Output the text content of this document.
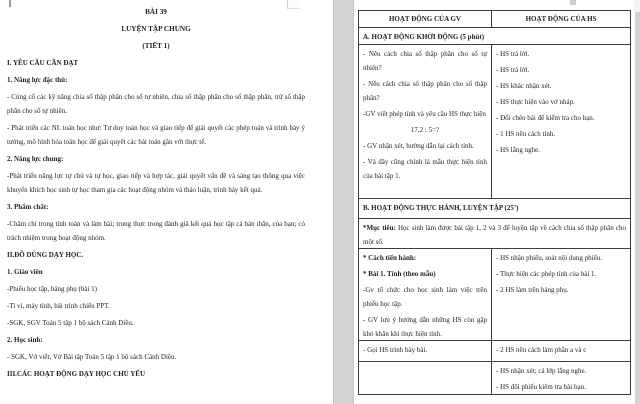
BÀI 39
LUYỆN TẬP CHUNG
(TIẾT 1)
I. YÊU CẦU CẦN ĐẠT
1. Năng lực đặc thù:
- Củng cố các kỹ năng chia số thập phân cho số tự nhiên, chia số thập phân cho số thập phân, trừ số thập phân cho số tự nhiên.
- Phát triển các NL toán học như: Tư duy toán học và giao tiếp để giải quyết các phép toán và trình bày ý tưởng, mô hình hóa toán học để giải quyết các bài toán gần với thực tế.
2. Năng lực chung:
-Phát triển năng lực tự chủ và tự học, giao tiếp và hợp tác, giải quyết vấn đề và sáng tạo thông qua việc khuyến khích học sinh tự học tham gia các hoạt động nhóm và thảo luận, trình bày kết quả.
3. Phẩm chất:
-Chăm chỉ trong tính toán và làm bài; trung thực trong đánh giá kết quả học tập cả bản thân, của bạn; có trách nhiệm trong hoạt động nhóm.
II.ĐỒ DÙNG DẠY HỌC.
1. Giáo viên
-Phiếu học tập, bảng phụ (bài 1)
-Ti vi, máy tính, bài trình chiếu PPT.
-SGK, SGV Toán 5 tập 1 bộ sách Cánh Diều.
2. Học sinh:
- SGK, Vở viết, Vở Bài tập Toán 5 tập 1 bộ sách Cánh Diều.
III.CÁC HOẠT ĐỘNG DẠY HỌC CHỦ YẾU
HOẠT ĐỘNG CỦA GV	HOẠT ĐỘNG CỦA HS
A. HOẠT ĐỘNG KHỞI ĐỘNG (5 phút)
- Nêu cách chia số thập phân cho số tự nhiên?
- Nêu cách chia số thập phân cho số thập phân?
-GV viết phép tính và yêu cầu HS thực hiện
17,2 : 5=?
- GV nhận xét, hướng dẫn lại cách tính.
- Và đây cũng chính là mẫu thực hiện tính của bài tập 1.
- HS trả lời.
- HS trả lời.
- HS khác nhận xét.
- HS thực hiện vào vở nháp.
- Đổi chéo bài để kiểm tra cho bạn.
- 1 HS nêu cách tính.
- HS lắng nghe.
B. HOẠT ĐỘNG THỰC HÀNH, LUYỆN TẬP (25’)
*Mục tiêu: Học sinh làm được bài tập 1, 2 và 3 để luyện tập về cách chia số thập phân cho một số.
* Cách tiến hành:
* Bài 1. Tính (theo mẫu)
-Gv tổ chức cho học sinh làm việc trên phiếu học tập.
- GV lưu ý hướng dẫn những HS còn gặp khó khăn khi thực hiện tính.
- HS nhận phiếu, soát nội dung phiếu.
- Thực hiện các phép tính của bài 1.
- 2 HS làm trên bảng phụ.
- Gọi HS trình bày bài.	- 2 HS nêu cách làm phần a và c
- HS nhận xét; cả lớp lắng nghe.
- HS đổi phiếu kiểm tra bài bạn.
